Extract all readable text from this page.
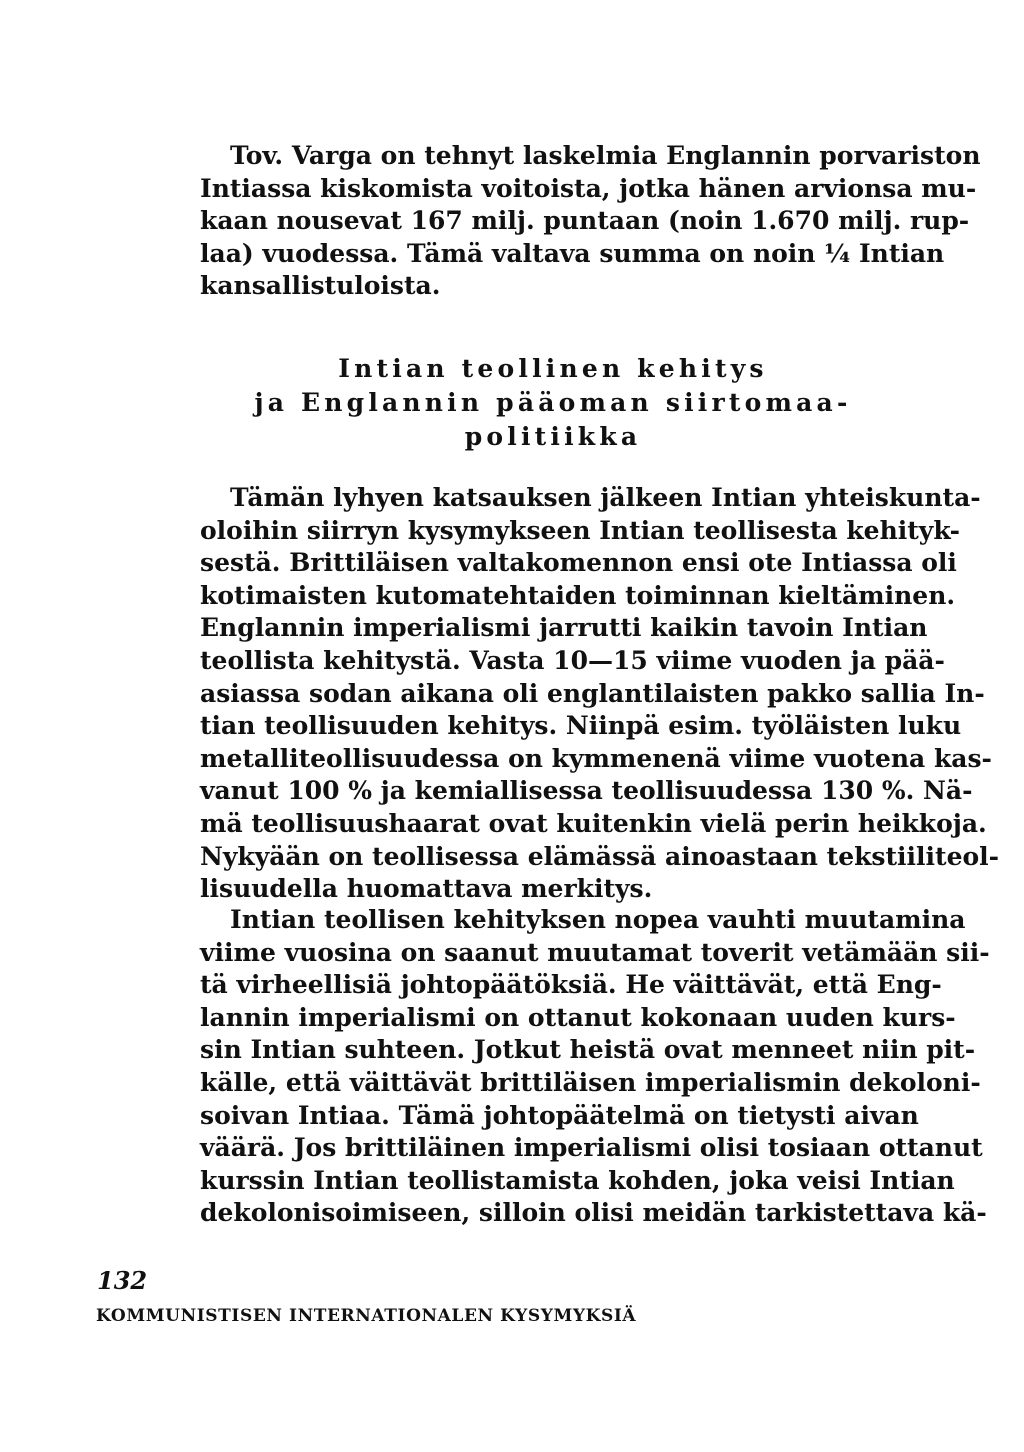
Tov. Varga on tehnyt laskelmia Englannin porvariston
Intiassa kiskomista voitoista, jotka hänen arvionsa mu-
kaan nousevat 167 milj. puntaan (noin 1.670 milj. rup-
laa) vuodessa. Tämä valtava summa on noin ¼ Intian
kansallistuloista.
Intian teollinen kehitys
ja Englannin pääoman siirtomaa-
politiikka
Tämän lyhyen katsauksen jälkeen Intian yhteiskunta-
oloihin siirryn kysymykseen Intian teollisesta kehityk-
sestä. Brittiläisen valtakomennon ensi ote Intiassa oli
kotimaisten kutomatehtaiden toiminnan kieltäminen.
Englannin imperialismi jarrutti kaikin tavoin Intian
teollista kehitystä. Vasta 10—15 viime vuoden ja pää-
asiassa sodan aikana oli englantilaisten pakko sallia In-
tian teollisuuden kehitys. Niinpä esim. työläisten luku
metalliteollisuudessa on kymmenenä viime vuotena kas-
vanut 100 % ja kemiallisessa teollisuudessa 130 %. Nä-
mä teollisuushaarat ovat kuitenkin vielä perin heikkoja.
Nykyään on teollisessa elämässä ainoastaan tekstiiliteol-
lisuudella huomattava merkitys.
Intian teollisen kehityksen nopea vauhti muutamina
viime vuosina on saanut muutamat toverit vetämään sii-
tä virheellisiä johtopäätöksiä. He väittävät, että Eng-
lannin imperialismi on ottanut kokonaan uuden kurs-
sin Intian suhteen. Jotkut heistä ovat menneet niin pit-
källe, että väittävät brittiläisen imperialismin dekoloni-
soivan Intiaa. Tämä johtopäätelmä on tietysti aivan
väärä. Jos brittiläinen imperialismi olisi tosiaan ottanut
kurssin Intian teollistamista kohden, joka veisi Intian
dekolonisoimiseen, silloin olisi meidän tarkistettava kä-
132
KOMMUNISTISEN INTERNATIONALEN KYSYMYKSIÄ
